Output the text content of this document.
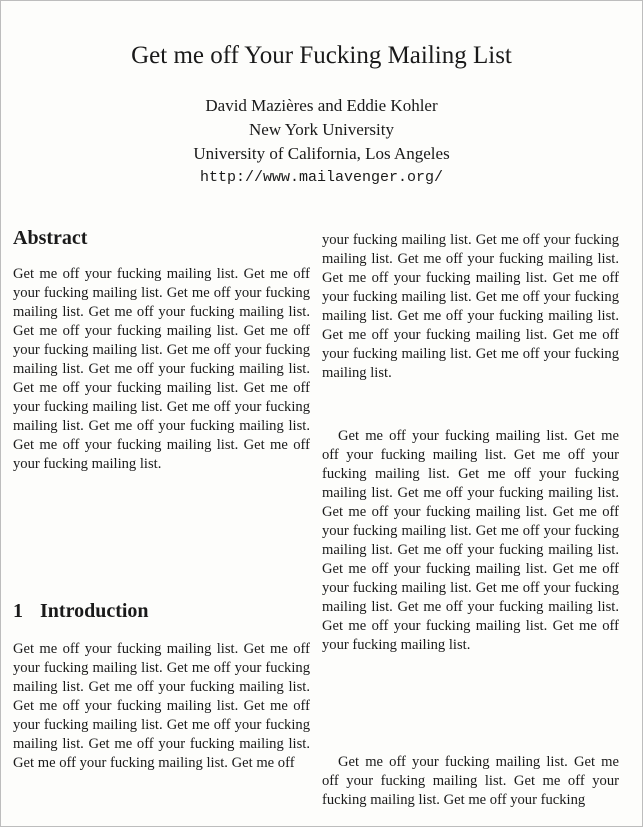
Get me off Your Fucking Mailing List
David Mazières and Eddie Kohler
New York University
University of California, Los Angeles
http://www.mailavenger.org/
Abstract

Get me off your fucking mailing list. Get me off your fucking mailing list. Get me off your fucking mailing list. Get me off your fucking mailing list. Get me off your fucking mailing list. Get me off your fucking mailing list. Get me off your fucking mailing list. Get me off your fucking mailing list. Get me off your fucking mailing list. Get me off your fucking mailing list. Get me off your fucking mailing list. Get me off your fucking mailing list. Get me off your fucking mailing list. Get me off your fucking mailing list.

1 Introduction

Get me off your fucking mailing list. Get me off your fucking mailing list. Get me off your fucking mailing list. Get me off your fucking mailing list. Get me off your fucking mailing list. Get me off your fucking mailing list. Get me off your fucking mailing list. Get me off your fucking mailing list. Get me off your fucking mailing list. Get me off

your fucking mailing list. Get me off your fucking mailing list. Get me off your fucking mailing list. Get me off your fucking mailing list. Get me off your fucking mailing list. Get me off your fucking mailing list. Get me off your fucking mailing list. Get me off your fucking mailing list. Get me off your fucking mailing list. Get me off your fucking mailing list.

Get me off your fucking mailing list. Get me off your fucking mailing list. Get me off your fucking mailing list. Get me off your fucking mailing list. Get me off your fucking mailing list. Get me off your fucking mailing list. Get me off your fucking mailing list. Get me off your fucking mailing list. Get me off your fucking mailing list. Get me off your fucking mailing list. Get me off your fucking mailing list. Get me off your fucking mailing list. Get me off your fucking mailing list. Get me off your fucking mailing list. Get me off your fucking mailing list.

Get me off your fucking mailing list. Get me off your fucking mailing list. Get me off your fucking mailing list. Get me off your fucking
